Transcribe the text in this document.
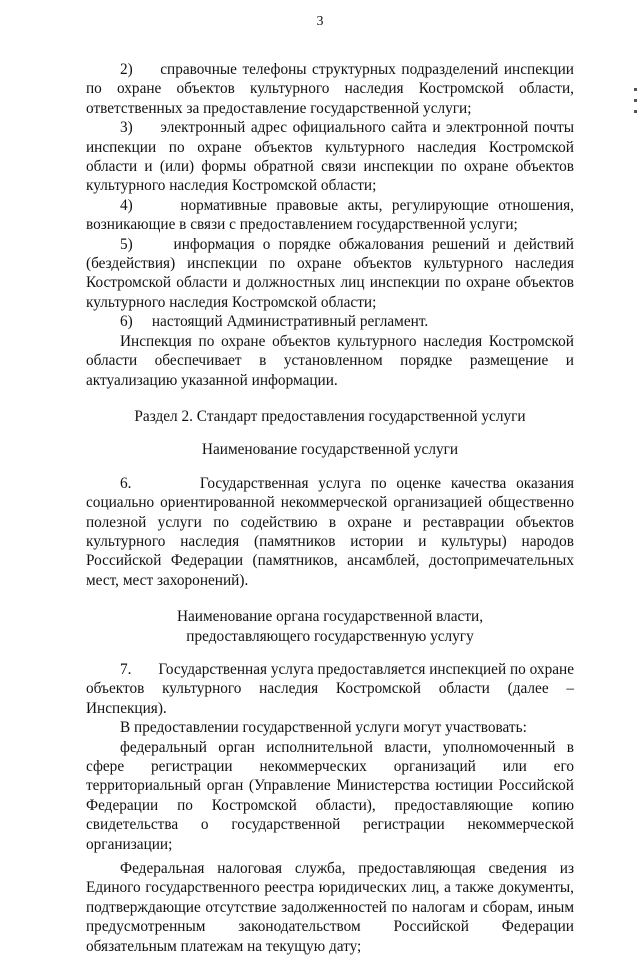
3

2)     справочные телефоны структурных подразделений инспекции по охране объектов культурного наследия Костромской области, ответственных за предоставление государственной услуги;

3)     электронный адрес официального сайта и электронной почты инспекции по охране объектов культурного наследия Костромской области и (или) формы обратной связи инспекции по охране объектов культурного наследия Костромской области;

4)     нормативные правовые акты, регулирующие отношения, возникающие в связи с предоставлением государственной услуги;

5)     информация о порядке обжалования решений и действий (бездействия) инспекции по охране объектов культурного наследия Костромской области и должностных лиц инспекции по охране объектов культурного наследия Костромской области;

6)     настоящий Административный регламент.

Инспекция по охране объектов культурного наследия Костромской области обеспечивает в установленном порядке размещение и актуализацию указанной информации.

Раздел 2. Стандарт предоставления государственной услуги

Наименование государственной услуги

6.       Государственная услуга по оценке качества оказания социально ориентированной некоммерческой организацией общественно полезной услуги по содействию в охране и реставрации объектов культурного наследия (памятников истории и культуры) народов Российской Федерации (памятников, ансамблей, достопримечательных мест, мест захоронений).

Наименование органа государственной власти,

предоставляющего государственную услугу

7.       Государственная услуга предоставляется инспекцией по охране объектов культурного наследия Костромской области (далее – Инспекция).

В предоставлении государственной услуги могут участвовать:

федеральный орган исполнительной власти, уполномоченный в сфере регистрации некоммерческих организаций или его территориальный орган (Управление Министерства юстиции Российской Федерации по Костромской области), предоставляющие копию свидетельства о государственной регистрации некоммерческой организации;

Федеральная налоговая служба, предоставляющая сведения из Единого государственного реестра юридических лиц, а также документы, подтверждающие отсутствие задолженностей по налогам и сборам, иным предусмотренным законодательством Российской Федерации обязательным платежам на текущую дату;
